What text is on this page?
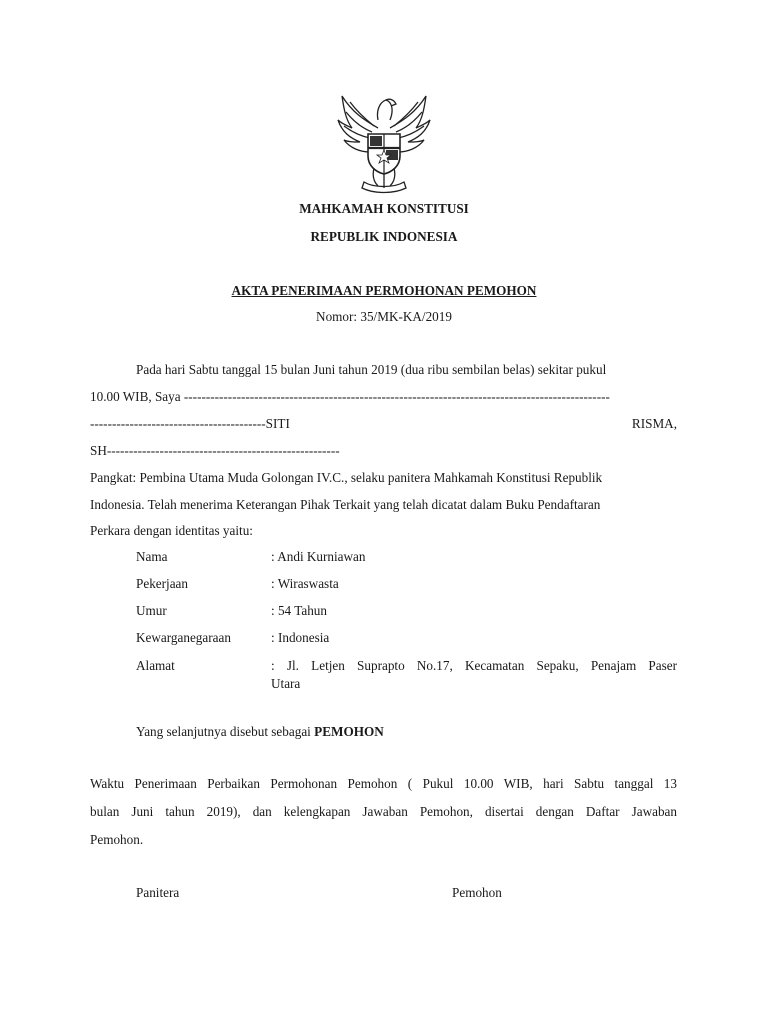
MAHKAMAH KONSTITUSI
REPUBLIK INDONESIA
AKTA PENERIMAAN PERMOHONAN PEMOHON
Nomor: 35/MK-KA/2019
Pada hari Sabtu tanggal 15 bulan Juni tahun 2019 (dua ribu sembilan belas) sekitar pukul
10.00 WIB, Saya -------------------------------------------------------------------------------------------------
----------------------------------------SITI	RISMA,
SH-----------------------------------------------------
Pangkat: Pembina Utama Muda Golongan IV.C., selaku panitera Mahkamah Konstitusi Republik
Indonesia. Telah menerima Keterangan Pihak Terkait yang telah dicatat dalam Buku Pendaftaran
Perkara dengan identitas yaitu:
Nama	: Andi Kurniawan
Pekerjaan	: Wiraswasta
Umur	: 54 Tahun
Kewarganegaraan	: Indonesia
Alamat	: Jl. Letjen Suprapto No.17, Kecamatan Sepaku, Penajam Paser
Utara
Yang selanjutnya disebut sebagai PEMOHON
Waktu Penerimaan Perbaikan Permohonan Pemohon ( Pukul 10.00 WIB, hari Sabtu tanggal 13
bulan Juni tahun 2019), dan kelengkapan Jawaban Pemohon, disertai dengan Daftar Jawaban
Pemohon.
Panitera	Pemohon
